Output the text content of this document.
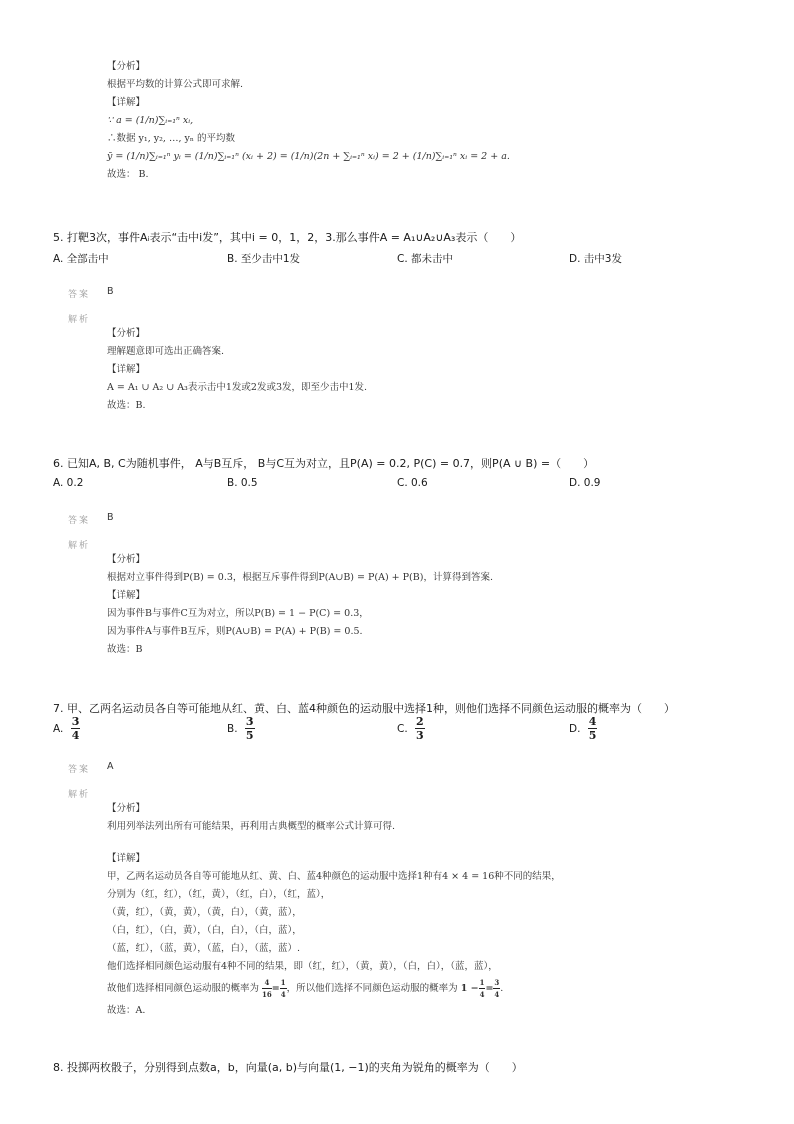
【分析】
根据平均数的计算公式即可求解.
【详解】
∵ a = (1/n)∑ᵢ₌₁ⁿ xᵢ,
∴数据 y₁, y₂, …, yₙ 的平均数
ȳ = (1/n)∑ᵢ₌₁ⁿ yᵢ = (1/n)∑ᵢ₌₁ⁿ (xᵢ + 2) = (1/n)(2n + ∑ᵢ₌₁ⁿ xᵢ) = 2 + (1/n)∑ᵢ₌₁ⁿ xᵢ = 2 + a.
故选： B.
5. 打靶3次，事件Aᵢ表示“击中i发”，其中i = 0，1，2，3.那么事件A = A₁∪A₂∪A₃表示（　　）
A. 全部击中	B. 至少击中1发	C. 都未击中	D. 击中3发
答案 B
解析
【分析】
理解题意即可选出正确答案.
【详解】
A = A₁ ∪ A₂ ∪ A₃表示击中1发或2发或3发，即至少击中1发.
故选：B.
6. 已知A, B, C为随机事件， A与B互斥， B与C互为对立，且P(A) = 0.2, P(C) = 0.7，则P(A ∪ B) =（　　）
A. 0.2	B. 0.5	C. 0.6	D. 0.9
答案 B
解析
【分析】
根据对立事件得到P(B) = 0.3，根据互斥事件得到P(A∪B) = P(A) + P(B)，计算得到答案.
【详解】
因为事件B与事件C互为对立，所以P(B) = 1 − P(C) = 0.3，
因为事件A与事件B互斥，则P(A∪B) = P(A) + P(B) = 0.5.
故选：B
7. 甲、乙两名运动员各自等可能地从红、黄、白、蓝4种颜色的运动服中选择1种，则他们选择不同颜色运动服的概率为（　　）
A. $\frac{3}{4}$	B. $\frac{3}{5}$	C. $\frac{2}{3}$	D. $\frac{4}{5}$
答案 A
解析
【分析】
利用列举法列出所有可能结果，再利用古典概型的概率公式计算可得.
【详解】
甲，乙两名运动员各自等可能地从红、黄、白、蓝4种颜色的运动服中选择1种有4 × 4 = 16种不同的结果，
分别为（红，红），（红，黄），（红，白），（红，蓝），
（黄，红），（黄，黄），（黄，白），（黄，蓝），
（白，红），（白，黄），（白，白），（白，蓝），
（蓝，红），（蓝，黄），（蓝，白），（蓝，蓝）.
他们选择相同颜色运动服有4种不同的结果，即（红，红），（黄，黄），（白，白），（蓝，蓝），
故他们选择相同颜色运动服的概率为 $\frac{4}{16} = \frac{1}{4}$ ，所以他们选择不同颜色运动服的概率为 $1 - \frac{1}{4} = \frac{3}{4}$ .
故选：A.
8. 投掷两枚骰子，分别得到点数a，b，向量(a, b)与向量(1, −1)的夹角为锐角的概率为（　　）
